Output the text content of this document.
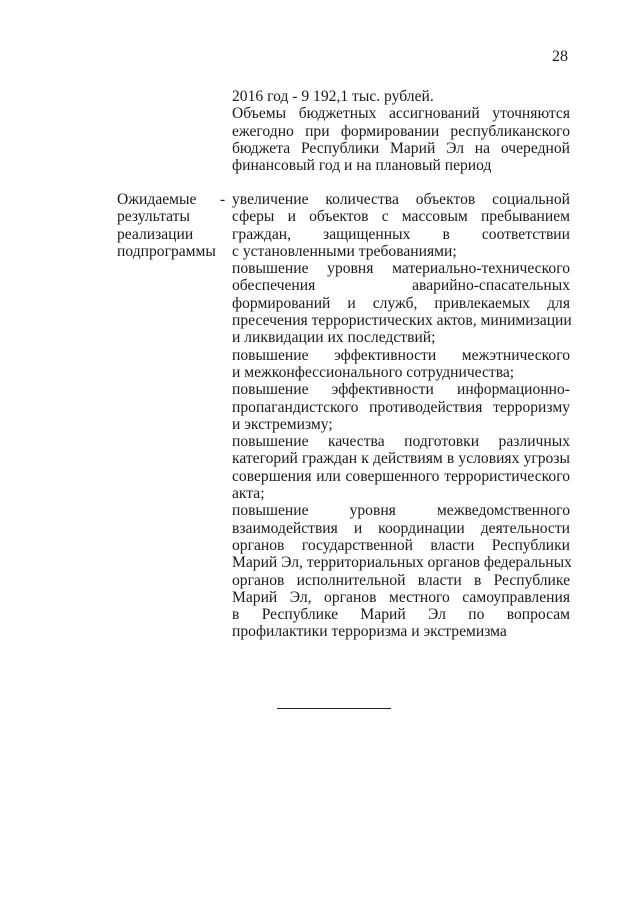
28
2016 год - 9 192,1 тыс. рублей.
Объемы бюджетных ассигнований уточняются
ежегодно при формировании республиканского
бюджета Республики Марий Эл на очередной
финансовый год и на плановый период
Ожидаемые
результаты
реализации
подпрограммы
- увеличение количества объектов социальной
сферы и объектов с массовым пребыванием
граждан, защищенных в соответствии
с установленными требованиями;
повышение уровня материально-технического
обеспечения аварийно-спасательных
формирований и служб, привлекаемых для
пресечения террористических актов, минимизации
и ликвидации их последствий;
повышение эффективности межэтнического
и межконфессионального сотрудничества;
повышение эффективности информационно-
пропагандистского противодействия терроризму
и экстремизму;
повышение качества подготовки различных
категорий граждан к действиям в условиях угрозы
совершения или совершенного террористического
акта;
повышение уровня межведомственного
взаимодействия и координации деятельности
органов государственной власти Республики
Марий Эл, территориальных органов федеральных
органов исполнительной власти в Республике
Марий Эл, органов местного самоуправления
в Республике Марий Эл по вопросам
профилактики терроризма и экстремизма
